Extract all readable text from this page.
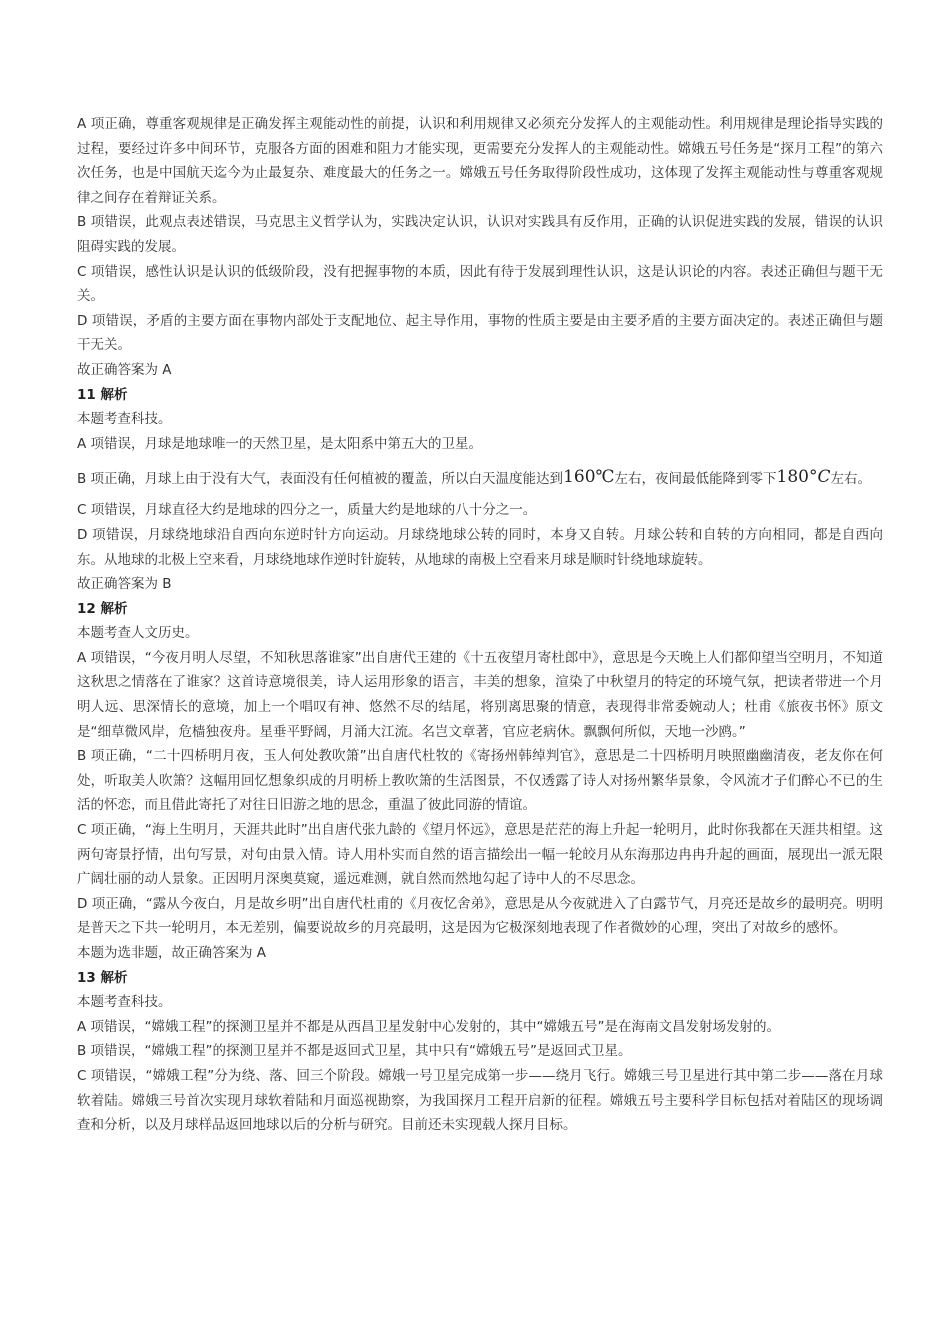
A 项正确，尊重客观规律是正确发挥主观能动性的前提，认识和利用规律又必须充分发挥人的主观能动性。利用规律是理论指导实践的过程，要经过许多中间环节，克服各方面的困难和阻力才能实现，更需要充分发挥人的主观能动性。嫦娥五号任务是“探月工程”的第六次任务，也是中国航天迄今为止最复杂、难度最大的任务之一。嫦娥五号任务取得阶段性成功，这体现了发挥主观能动性与尊重客观规律之间存在着辩证关系。

B 项错误，此观点表述错误，马克思主义哲学认为，实践决定认识，认识对实践具有反作用，正确的认识促进实践的发展，错误的认识阻碍实践的发展。

C 项错误，感性认识是认识的低级阶段，没有把握事物的本质，因此有待于发展到理性认识，这是认识论的内容。表述正确但与题干无关。

D 项错误，矛盾的主要方面在事物内部处于支配地位、起主导作用，事物的性质主要是由主要矛盾的主要方面决定的。表述正确但与题干无关。

故正确答案为 A

11 解析

本题考查科技。

A 项错误，月球是地球唯一的天然卫星，是太阳系中第五大的卫星。

B 项正确，月球上由于没有大气，表面没有任何植被的覆盖，所以白天温度能达到160℃左右，夜间最低能降到零下180°C左右。

C 项错误，月球直径大约是地球的四分之一，质量大约是地球的八十分之一。

D 项错误，月球绕地球沿自西向东逆时针方向运动。月球绕地球公转的同时，本身又自转。月球公转和自转的方向相同，都是自西向东。从地球的北极上空来看，月球绕地球作逆时针旋转，从地球的南极上空看来月球是顺时针绕地球旋转。

故正确答案为 B

12 解析

本题考查人文历史。

A 项错误，“今夜月明人尽望，不知秋思落谁家”出自唐代王建的《十五夜望月寄杜郎中》，意思是今天晚上人们都仰望当空明月，不知道这秋思之情落在了谁家？这首诗意境很美，诗人运用形象的语言，丰美的想象，渲染了中秋望月的特定的环境气氛，把读者带进一个月明人远、思深情长的意境，加上一个唱叹有神、悠然不尽的结尾，将别离思聚的情意，表现得非常委婉动人；杜甫《旅夜书怀》原文是“细草微风岸，危樯独夜舟。星垂平野阔，月涌大江流。名岂文章著，官应老病休。飘飘何所似，天地一沙鸥。”

B 项正确，“二十四桥明月夜，玉人何处教吹箫”出自唐代杜牧的《寄扬州韩绰判官》，意思是二十四桥明月映照幽幽清夜，老友你在何处，听取美人吹箫？这幅用回忆想象织成的月明桥上教吹箫的生活图景，不仅透露了诗人对扬州繁华景象，令风流才子们醉心不已的生活的怀恋，而且借此寄托了对往日旧游之地的思念，重温了彼此同游的情谊。

C 项正确，“海上生明月，天涯共此时”出自唐代张九龄的《望月怀远》，意思是茫茫的海上升起一轮明月，此时你我都在天涯共相望。这两句寄景抒情，出句写景，对句由景入情。诗人用朴实而自然的语言描绘出一幅一轮皎月从东海那边冉冉升起的画面，展现出一派无限广阔壮丽的动人景象。正因明月深奥莫窥，遥远难测，就自然而然地勾起了诗中人的不尽思念。

D 项正确，“露从今夜白，月是故乡明”出自唐代杜甫的《月夜忆舍弟》，意思是从今夜就进入了白露节气，月亮还是故乡的最明亮。明明是普天之下共一轮明月，本无差别，偏要说故乡的月亮最明，这是因为它极深刻地表现了作者微妙的心理，突出了对故乡的感怀。

本题为选非题，故正确答案为 A

13 解析

本题考查科技。

A 项错误，“嫦娥工程”的探测卫星并不都是从西昌卫星发射中心发射的，其中“嫦娥五号”是在海南文昌发射场发射的。

B 项错误，“嫦娥工程”的探测卫星并不都是返回式卫星，其中只有“嫦娥五号”是返回式卫星。

C 项错误，“嫦娥工程”分为绕、落、回三个阶段。嫦娥一号卫星完成第一步——绕月飞行。嫦娥三号卫星进行其中第二步——落在月球软着陆。嫦娥三号首次实现月球软着陆和月面巡视勘察，为我国探月工程开启新的征程。嫦娥五号主要科学目标包括对着陆区的现场调查和分析，以及月球样品返回地球以后的分析与研究。目前还未实现载人探月目标。
